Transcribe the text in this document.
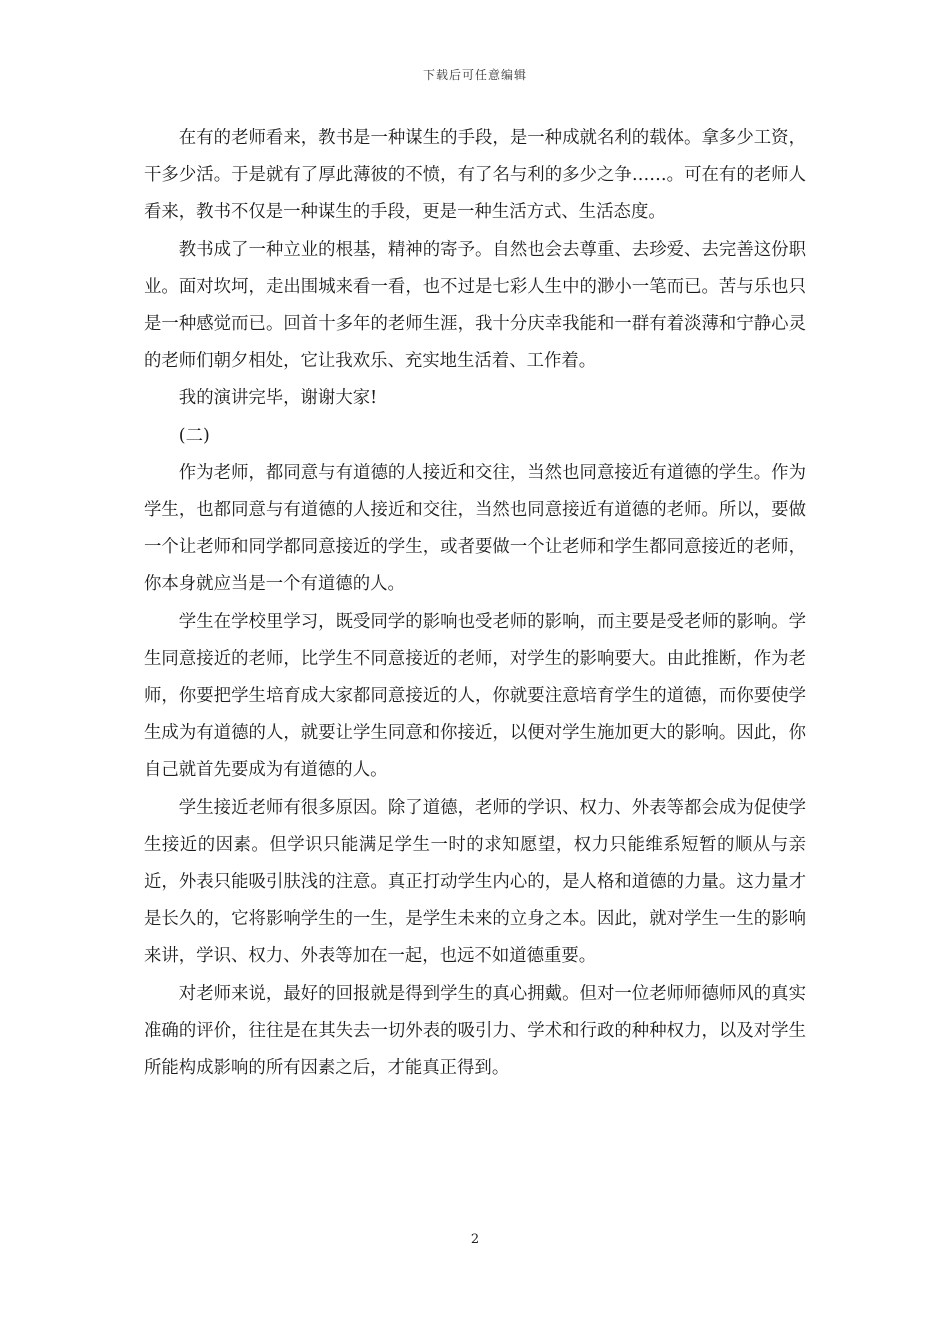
下载后可任意编辑

在有的老师看来，教书是一种谋生的手段，是一种成就名利的载体。拿多少工资，干多少活。于是就有了厚此薄彼的不愤，有了名与利的多少之争……。可在有的老师人看来，教书不仅是一种谋生的手段，更是一种生活方式、生活态度。

教书成了一种立业的根基，精神的寄予。自然也会去尊重、去珍爱、去完善这份职业。面对坎坷，走出围城来看一看，也不过是七彩人生中的渺小一笔而已。苦与乐也只是一种感觉而已。回首十多年的老师生涯，我十分庆幸我能和一群有着淡薄和宁静心灵的老师们朝夕相处，它让我欢乐、充实地生活着、工作着。

我的演讲完毕，谢谢大家!

(二)

作为老师，都同意与有道德的人接近和交往，当然也同意接近有道德的学生。作为学生，也都同意与有道德的人接近和交往，当然也同意接近有道德的老师。所以，要做一个让老师和同学都同意接近的学生，或者要做一个让老师和学生都同意接近的老师，你本身就应当是一个有道德的人。

学生在学校里学习，既受同学的影响也受老师的影响，而主要是受老师的影响。学生同意接近的老师，比学生不同意接近的老师，对学生的影响要大。由此推断，作为老师，你要把学生培育成大家都同意接近的人，你就要注意培育学生的道德，而你要使学生成为有道德的人，就要让学生同意和你接近，以便对学生施加更大的影响。因此，你自己就首先要成为有道德的人。

学生接近老师有很多原因。除了道德，老师的学识、权力、外表等都会成为促使学生接近的因素。但学识只能满足学生一时的求知愿望，权力只能维系短暂的顺从与亲近，外表只能吸引肤浅的注意。真正打动学生内心的，是人格和道德的力量。这力量才是长久的，它将影响学生的一生，是学生未来的立身之本。因此，就对学生一生的影响来讲，学识、权力、外表等加在一起，也远不如道德重要。

对老师来说，最好的回报就是得到学生的真心拥戴。但对一位老师师德师风的真实准确的评价，往往是在其失去一切外表的吸引力、学术和行政的种种权力，以及对学生所能构成影响的所有因素之后，才能真正得到。

2
